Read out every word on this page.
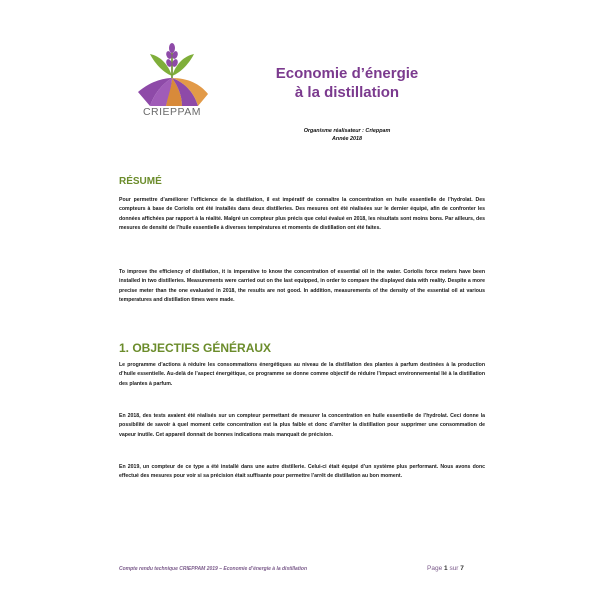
CRIEPPAM
Economie d’énergie
à la distillation
Organisme réalisateur : Crieppam
Année 2018
RÉSUMÉ
Pour permettre d’améliorer l’efficience de la distillation, il est impératif de connaître la concentration en huile essentielle de l’hydrolat. Des compteurs à base de Coriolis ont été installés dans deux distilleries. Des mesures ont été réalisées sur le dernier équipé, afin de confronter les données affichées par rapport à la réalité. Malgré un compteur plus précis que celui évalué en 2018, les résultats sont moins bons. Par ailleurs, des mesures de densité de l’huile essentielle à diverses températures et moments de distillation ont été faites.
To improve the efficiency of distillation, it is imperative to know the concentration of essential oil in the water. Coriolis force meters have been installed in two distilleries. Measurements were carried out on the last equipped, in order to compare the displayed data with reality. Despite a more precise meter than the one evaluated in 2018, the results are not good. In addition, measurements of the density of the essential oil at various temperatures and distillation times were made.
1. OBJECTIFS GÉNÉRAUX
Le programme d’actions à réduire les consommations énergétiques au niveau de la distillation des plantes à parfum destinées à la production d’huile essentielle. Au-delà de l’aspect énergétique, ce programme se donne comme objectif de réduire l’impact environnemental lié à la distillation des plantes à parfum.
En 2018, des tests avaient été réalisés sur un compteur permettant de mesurer la concentration en huile essentielle de l’hydrolat. Ceci donne la possibilité de savoir à quel moment cette concentration est la plus faible et donc d’arrêter la distillation pour supprimer une consommation de vapeur inutile. Cet appareil donnait de bonnes indications mais manquait de précision.
En 2019, un compteur de ce type a été installé dans une autre distillerie. Celui-ci était équipé d’un système plus performant. Nous avons donc effectué des mesures pour voir si sa précision était suffisante pour permettre l’arrêt de distillation au bon moment.
Compte rendu technique CRIEPPAM 2019 – Economie d’énergie à la distillation	Page 1 sur 7
